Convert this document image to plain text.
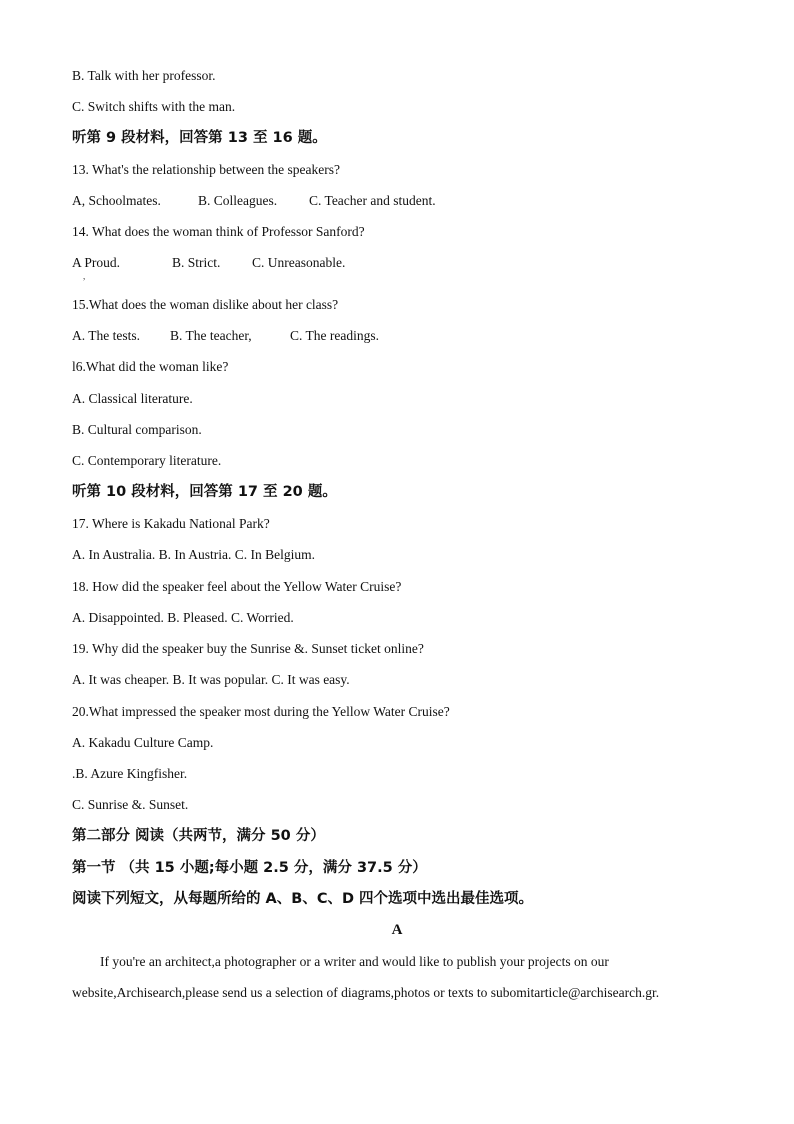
B. Talk with her professor.
C. Switch shifts with the man.
听第 9 段材料，回答第 13 至 16 题。
13. What's the relationship between the speakers?
A, Schoolmates.	B. Colleagues. C. Teacher and student.
14. What does the woman think of Professor Sanford?
A Proud.	B. Strict. C. Unreasonable.
,
15.What does the woman dislike about her class?
A. The tests. B. The teacher,	C. The readings.
l6.What did the woman like?
A. Classical literature.
B. Cultural comparison.
C. Contemporary literature.
听第 10 段材料，回答第 17 至 20 题。
17. Where is Kakadu National Park?
A. In Australia. B. In Austria. C. In Belgium.
18. How did the speaker feel about the Yellow Water Cruise?
A. Disappointed. B. Pleased. C. Worried.
19. Why did the speaker buy the Sunrise &. Sunset ticket online?
A. It was cheaper. B. It was popular. C. It was easy.
20.What impressed the speaker most during the Yellow Water Cruise?
A. Kakadu Culture Camp.
.B. Azure Kingfisher.
C. Sunrise &. Sunset.
第二部分 阅读（共两节，满分 50 分）
第一节 （共 15 小题;每小题 2.5 分，满分 37.5 分）
阅读下列短文，从每题所给的 A、B、C、D 四个选项中选出最佳选项。
A
If you're an architect,a photographer or a writer and would like to publish your projects on our
website,Archisearch,please send us a selection of diagrams,photos or texts to subomitarticle@archisearch.gr.
